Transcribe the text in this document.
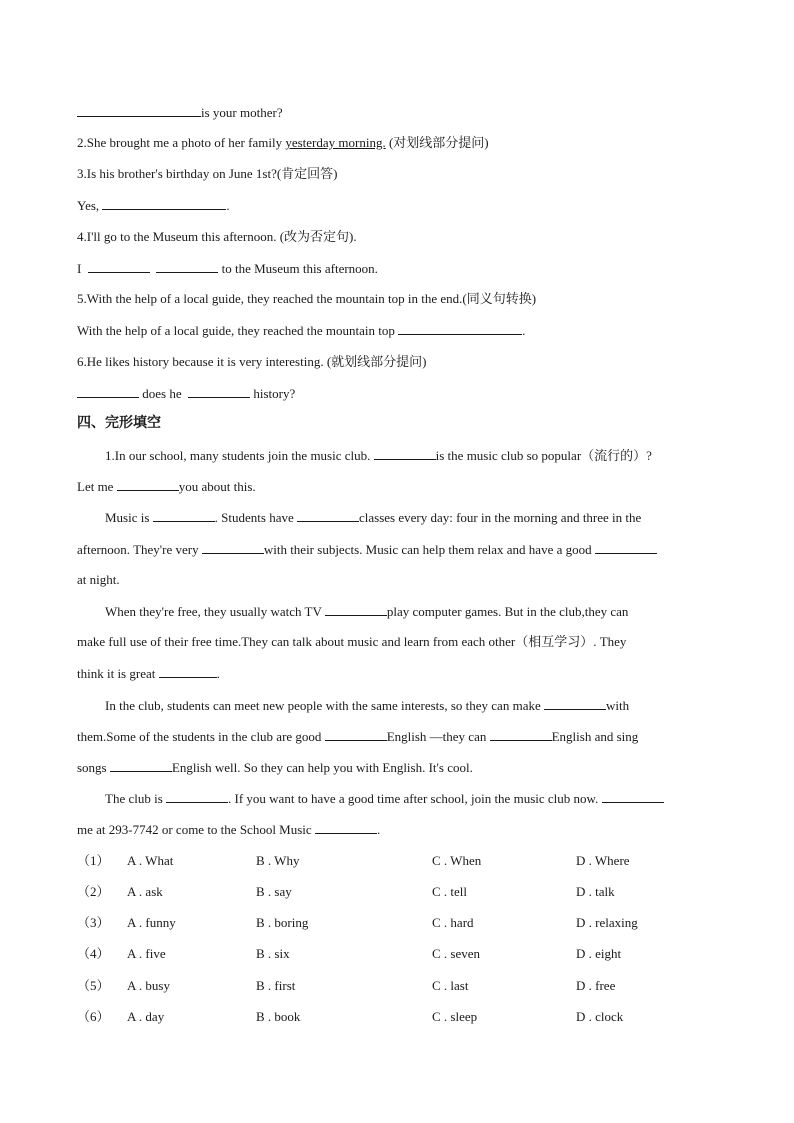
is your mother?
2.She brought me a photo of her family yesterday morning. (对划线部分提问)
3.Is his brother's birthday on June 1st?(肯定回答)
Yes,	.
4.I'll go to the Museum this afternoon. (改为否定句).
I	to the Museum this afternoon.
5.With the help of a local guide, they reached the mountain top in the end.(同义句转换)
With the help of a local guide, they reached the mountain top	.
6.He likes history because it is very interesting. (就划线部分提问)
does he	history?
四、完形填空
1.In our school, many students join the music club.	is the music club so popular（流行的）?
Let me	you about this.
Music is	. Students have	classes every day: four in the morning and three in the
afternoon. They're very	with their subjects. Music can help them relax and have a good
at night.
When they're free, they usually watch TV	play computer games. But in the club,they can
make full use of their free time.They can talk about music and learn from each other（相互学习）. They
think it is great	.
In the club, students can meet new people with the same interests, so they can make	with
them.Some of the students in the club are good	English —they can	English and sing
songs	English well. So they can help you with English. It's cool.
The club is	. If you want to have a good time after school, join the music club now.
me at 293-7742 or come to the School Music	.
（1） A . What	B . Why	C . When	D . Where
（2） A . ask	B . say	C . tell	D . talk
（3） A . funny	B . boring	C . hard	D . relaxing
（4） A . five	B . six	C . seven	D . eight
（5） A . busy	B . first	C . last	D . free
（6） A . day	B . book	C . sleep	D . clock
